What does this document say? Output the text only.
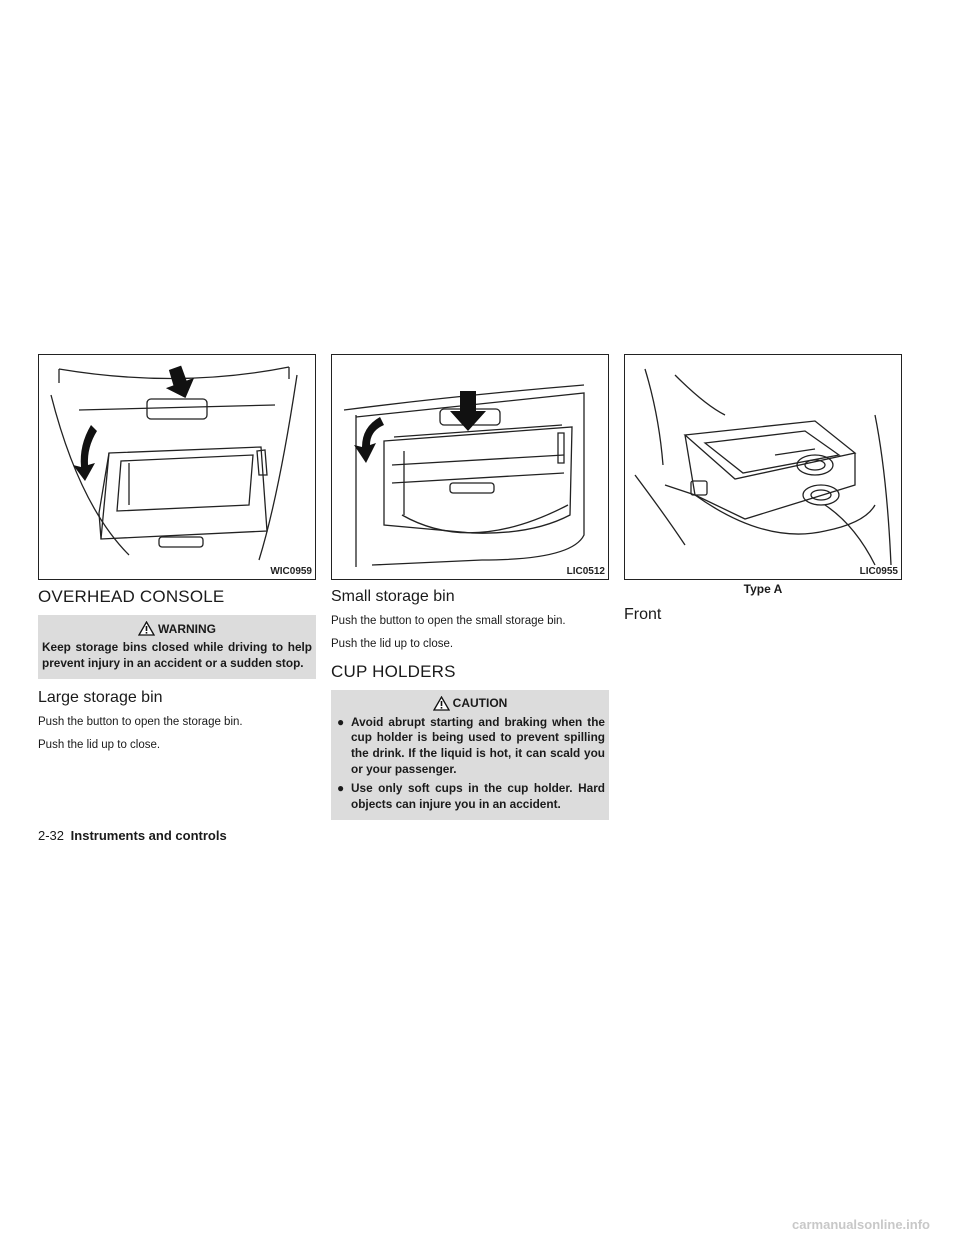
WIC0959
OVERHEAD CONSOLE
WARNING
Keep storage bins closed while driving to help prevent injury in an accident or a sudden stop.
Large storage bin

Push the button to open the storage bin.

Push the lid up to close.

LIC0512
Small storage bin

Push the button to open the small storage bin.

Push the lid up to close.

CUP HOLDERS
CAUTION
● Avoid abrupt starting and braking when the cup holder is being used to prevent spilling the drink. If the liquid is hot, it can scald you or your passenger.
● Use only soft cups in the cup holder. Hard objects can injure you in an accident.
LIC0955
Type A
Front
2-32 Instruments and controls
carmanualsonline.info
